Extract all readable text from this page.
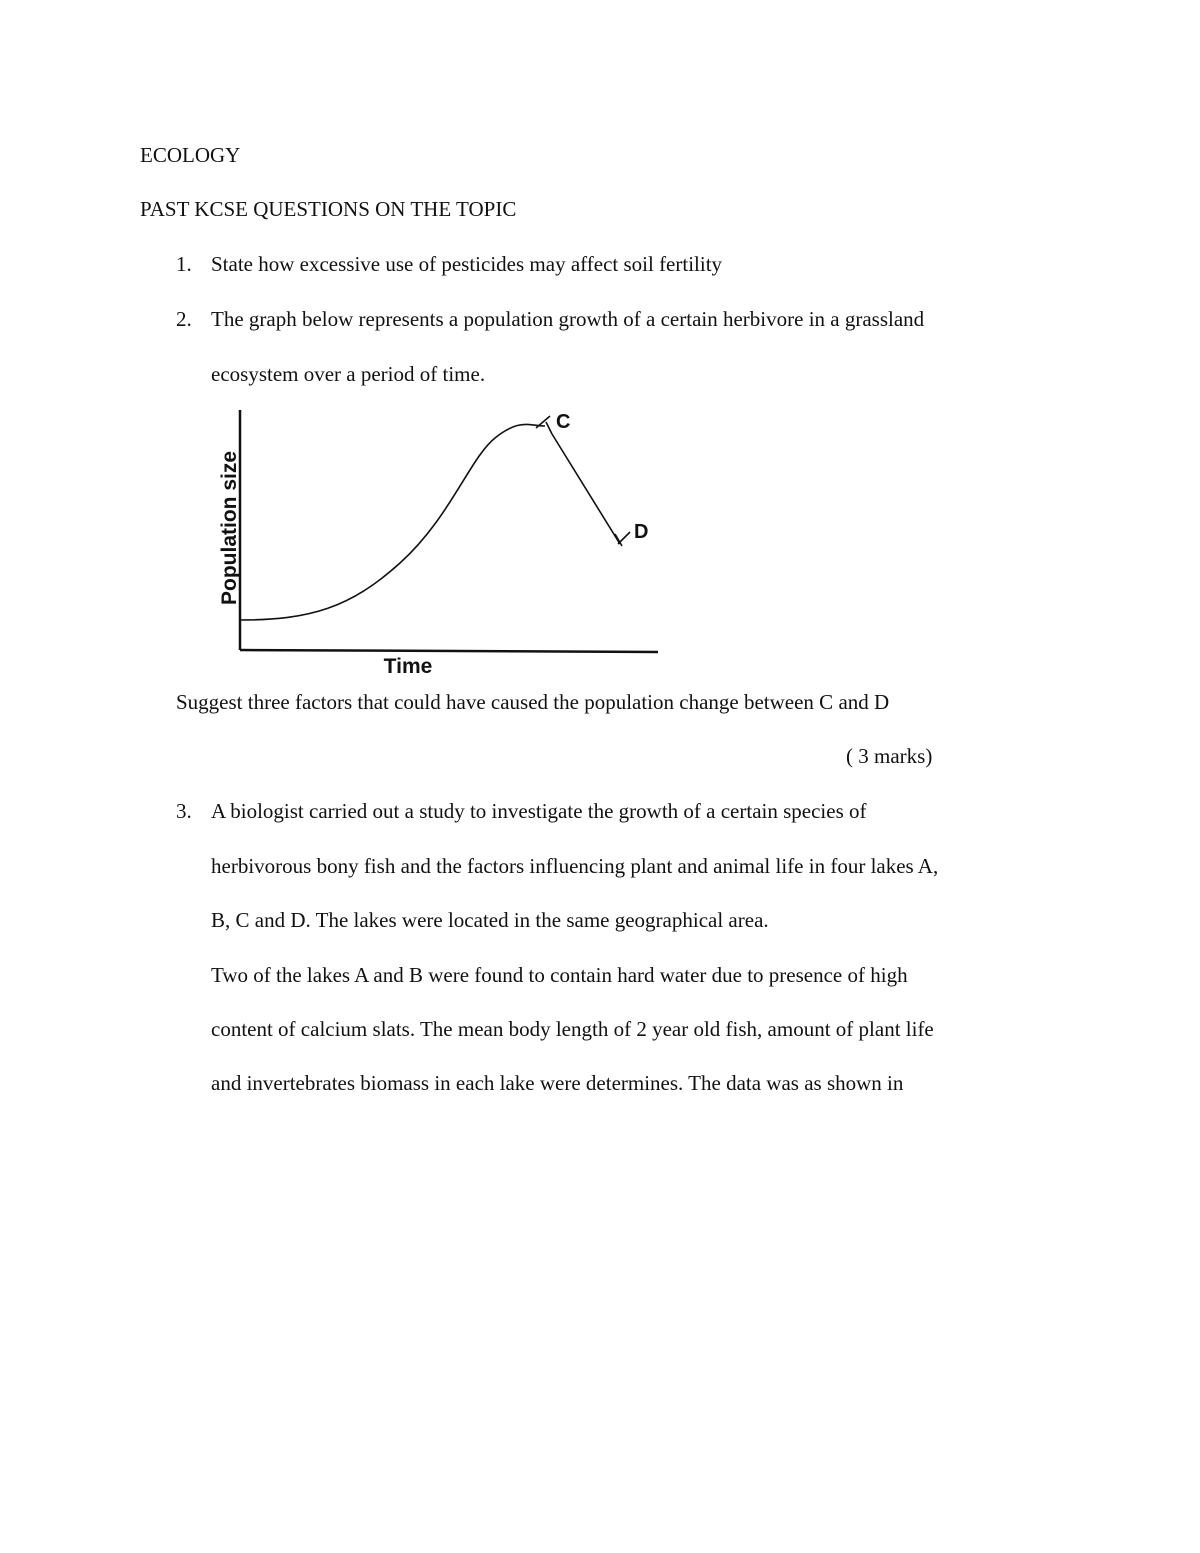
ECOLOGY
PAST KCSE QUESTIONS ON THE TOPIC
1. State how excessive use of pesticides may affect soil fertility
2. The graph below represents a population growth of a certain herbivore in a grassland
ecosystem over a period of time.
C
D
Population size
Time
Suggest three factors that could have caused the population change between C and D
( 3 marks)
3. A biologist carried out a study to investigate the growth of a certain species of
herbivorous bony fish and the factors influencing plant and animal life in four lakes A,
B, C and D. The lakes were located in the same geographical area.
Two of the lakes A and B were found to contain hard water due to presence of high
content of calcium slats. The mean body length of 2 year old fish, amount of plant life
and invertebrates biomass in each lake were determines. The data was as shown in
